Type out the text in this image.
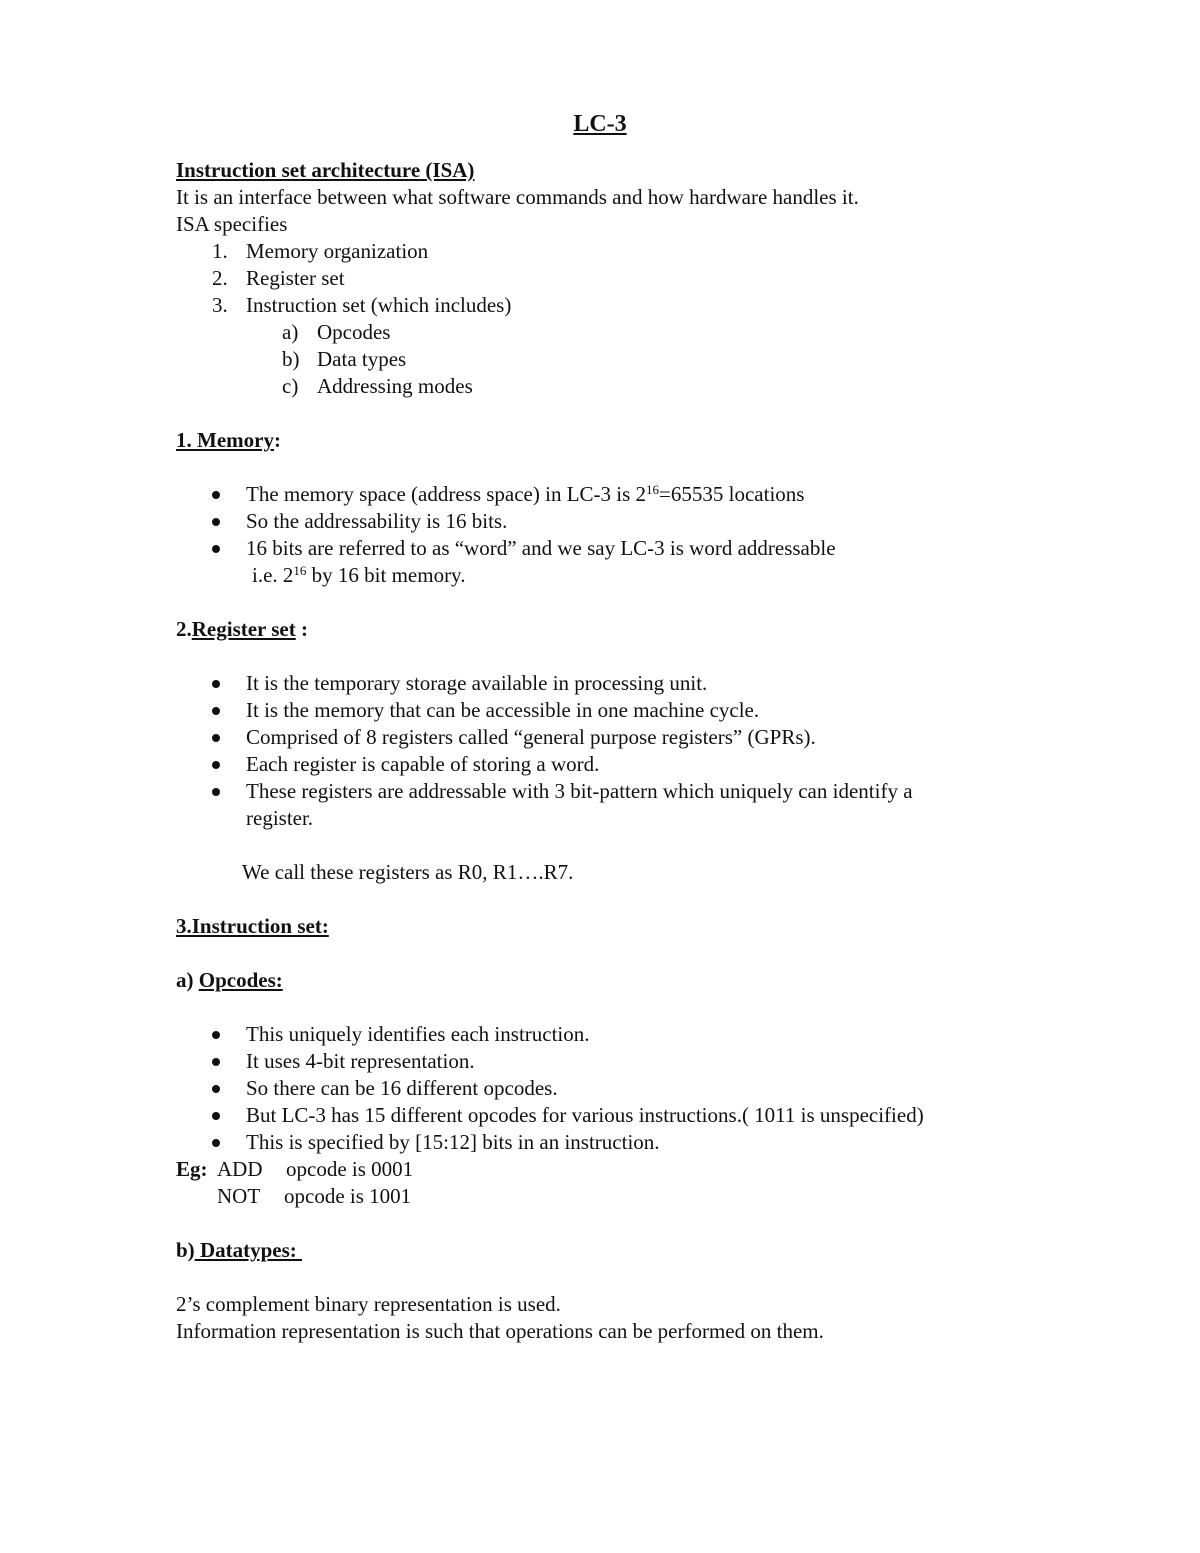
LC-3
Instruction set architecture (ISA)
It is an interface between what software commands and how hardware handles it.
ISA specifies
1. Memory organization
2. Register set
3. Instruction set (which includes)
a) Opcodes
b) Data types
c) Addressing modes
1. Memory:
The memory space (address space) in LC-3 is $2^{16}=65535$ locations
So the addressability is 16 bits.
16 bits are referred to as “word” and we say LC-3 is word addressable
i.e. $2^{16}$ by 16 bit memory.
2.Register set :
It is the temporary storage available in processing unit.
It is the memory that can be accessible in one machine cycle.
Comprised of 8 registers called “general purpose registers” (GPRs).
Each register is capable of storing a word.
These registers are addressable with 3 bit-pattern which uniquely can identify a
register.
We call these registers as R0, R1….R7.
3.Instruction set:
a) Opcodes:
This uniquely identifies each instruction.
It uses 4-bit representation.
So there can be 16 different opcodes.
But LC-3 has 15 different opcodes for various instructions.( 1011 is unspecified)
This is specified by [15:12] bits in an instruction.
Eg: ADD opcode is 0001
NOT opcode is 1001
b) Datatypes:
2’s complement binary representation is used.
Information representation is such that operations can be performed on them.
